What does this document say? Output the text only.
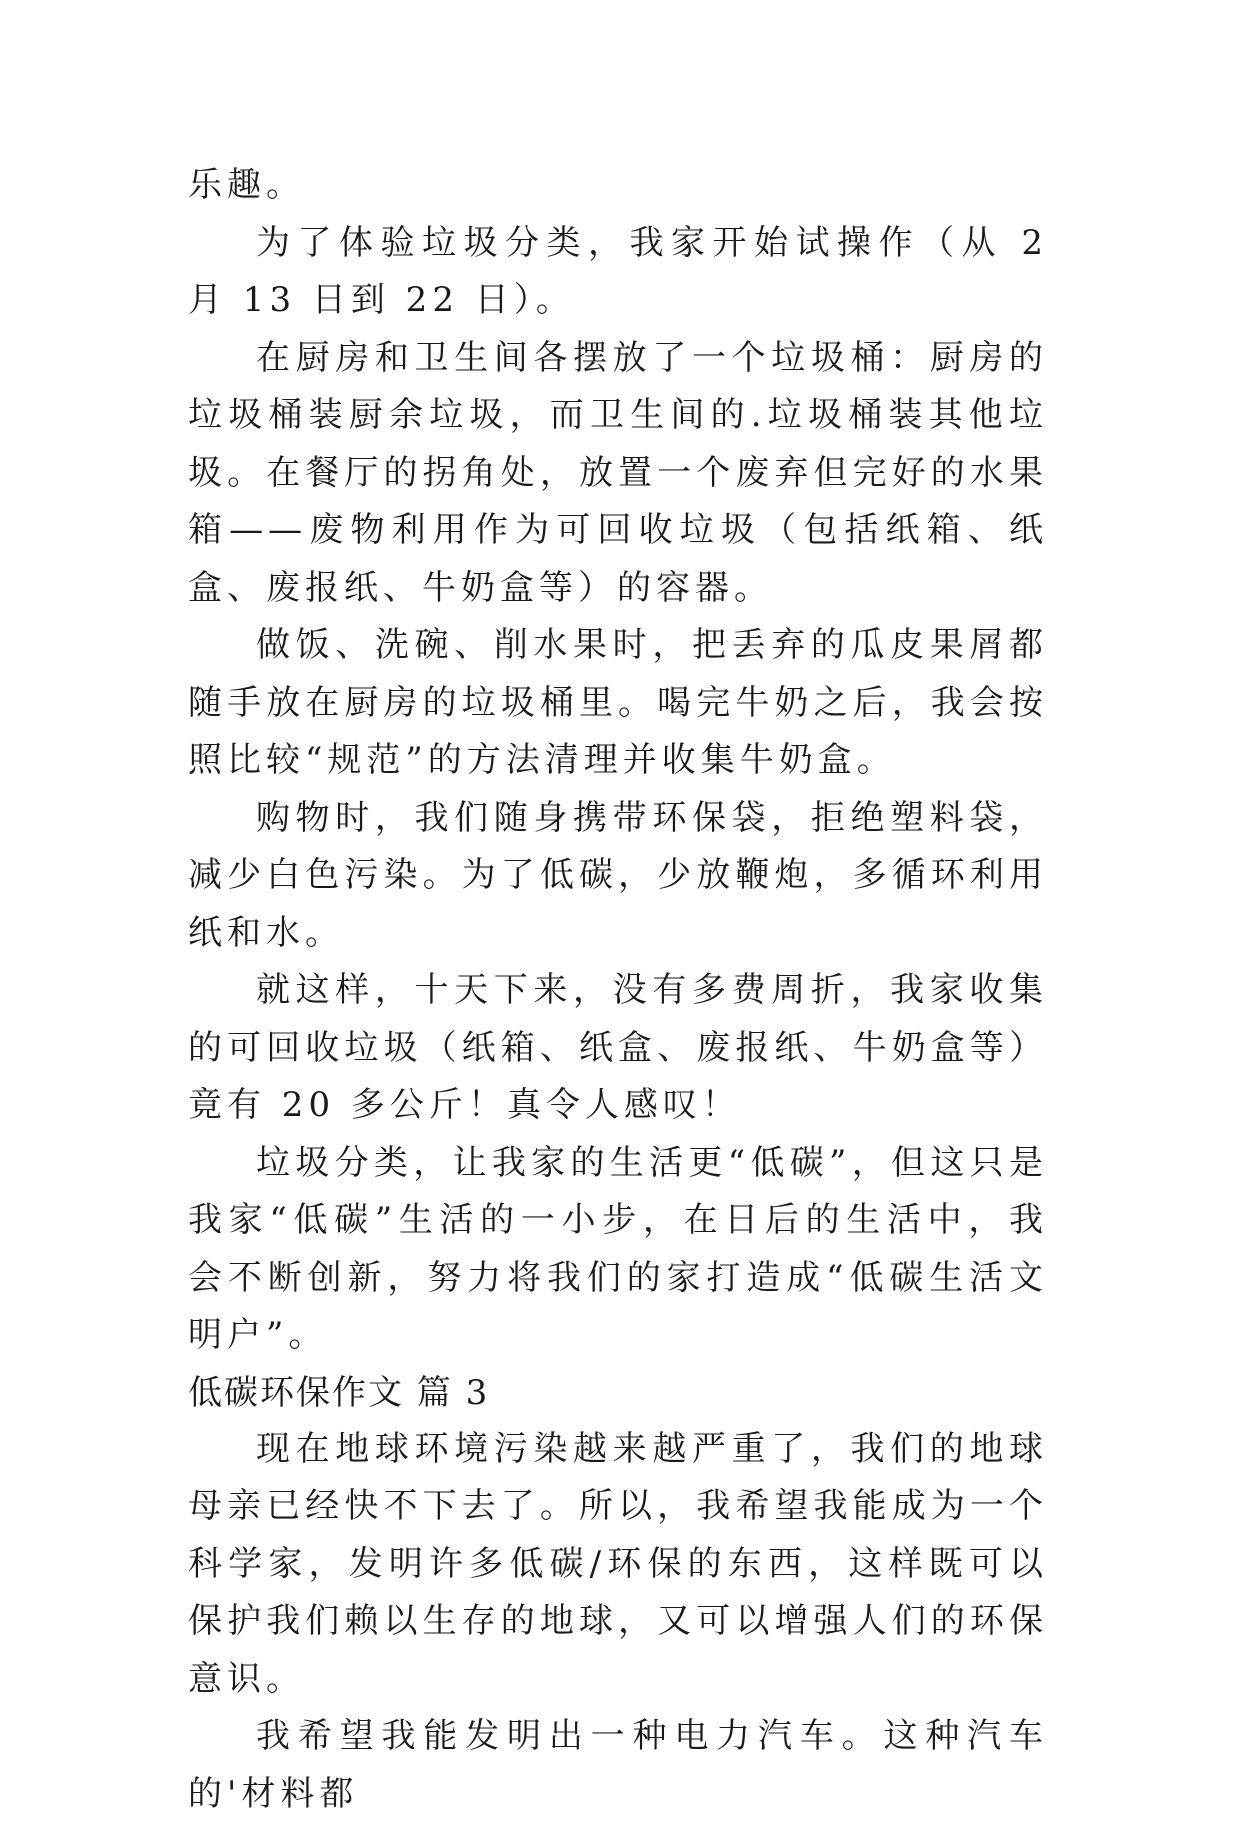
乐趣。

为了体验垃圾分类，我家开始试操作（从 2 月 13 日到 22 日）。

在厨房和卫生间各摆放了一个垃圾桶：厨房的垃圾桶装厨余垃圾，而卫生间的.垃圾桶装其他垃圾。在餐厅的拐角处，放置一个废弃但完好的水果箱——废物利用作为可回收垃圾（包括纸箱、纸盒、废报纸、牛奶盒等）的容器。

做饭、洗碗、削水果时，把丢弃的瓜皮果屑都随手放在厨房的垃圾桶里。喝完牛奶之后，我会按照比较“规范”的方法清理并收集牛奶盒。

购物时，我们随身携带环保袋，拒绝塑料袋，减少白色污染。为了低碳，少放鞭炮，多循环利用纸和水。

就这样，十天下来，没有多费周折，我家收集的可回收垃圾（纸箱、纸盒、废报纸、牛奶盒等）竟有 20 多公斤！真令人感叹！

垃圾分类，让我家的生活更“低碳”，但这只是我家“低碳”生活的一小步，在日后的生活中，我会不断创新，努力将我们的家打造成“低碳生活文明户”。

低碳环保作文 篇 3

现在地球环境污染越来越严重了，我们的地球母亲已经快不下去了。所以，我希望我能成为一个科学家，发明许多低碳/环保的东西，这样既可以保护我们赖以生存的地球，又可以增强人们的环保意识。

我希望我能发明出一种电力汽车。这种汽车的'材料都
